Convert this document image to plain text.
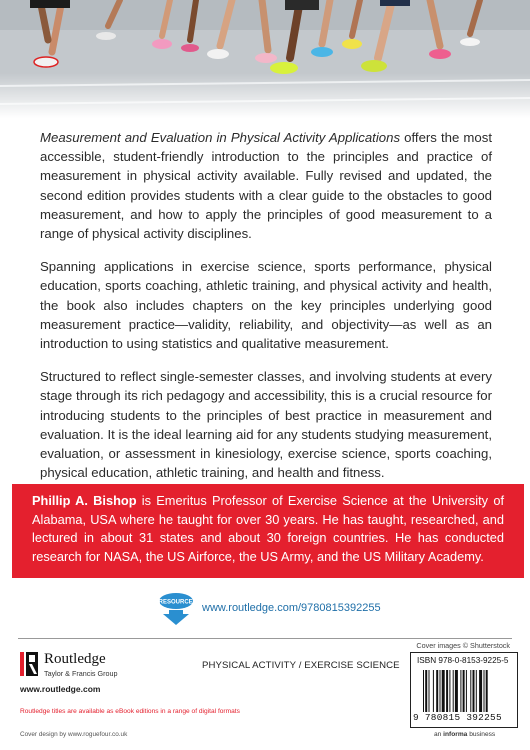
Measurement and Evaluation in Physical Activity Applications offers the most accessible, student-friendly introduction to the principles and practice of measurement in physical activity available. Fully revised and updated, the second edition provides students with a clear guide to the obstacles to good measurement, and how to apply the principles of good measurement to a range of physical activity disciplines.

Spanning applications in exercise science, sports performance, physical education, sports coaching, athletic training, and physical activity and health, the book also includes chapters on the key principles underlying good measurement practice—validity, reliability, and objectivity—as well as an introduction to using statistics and qualitative measurement.

Structured to reflect single-semester classes, and involving students at every stage through its rich pedagogy and accessibility, this is a crucial resource for introducing students to the principles of best practice in measurement and evaluation. It is the ideal learning aid for any students studying measurement, evaluation, or assessment in kinesiology, exercise science, sports coaching, physical education, athletic training, and health and fitness.

Phillip A. Bishop is Emeritus Professor of Exercise Science at the University of Alabama, USA where he taught for over 30 years. He has taught, researched, and lectured in about 31 states and about 30 foreign countries. He has conducted research for NASA, the US Airforce, the US Army, and the US Military Academy.
eRESOURCES www.routledge.com/9780815392255
Cover images © Shutterstock
Routledge
Taylor & Francis Group
www.routledge.com
PHYSICAL ACTIVITY / EXERCISE SCIENCE
Routledge titles are available as eBook editions in a range of digital formats
Cover design by www.roguefour.co.uk
ISBN 978-0-8153-9225-5
9 780815 392255
an informa business
